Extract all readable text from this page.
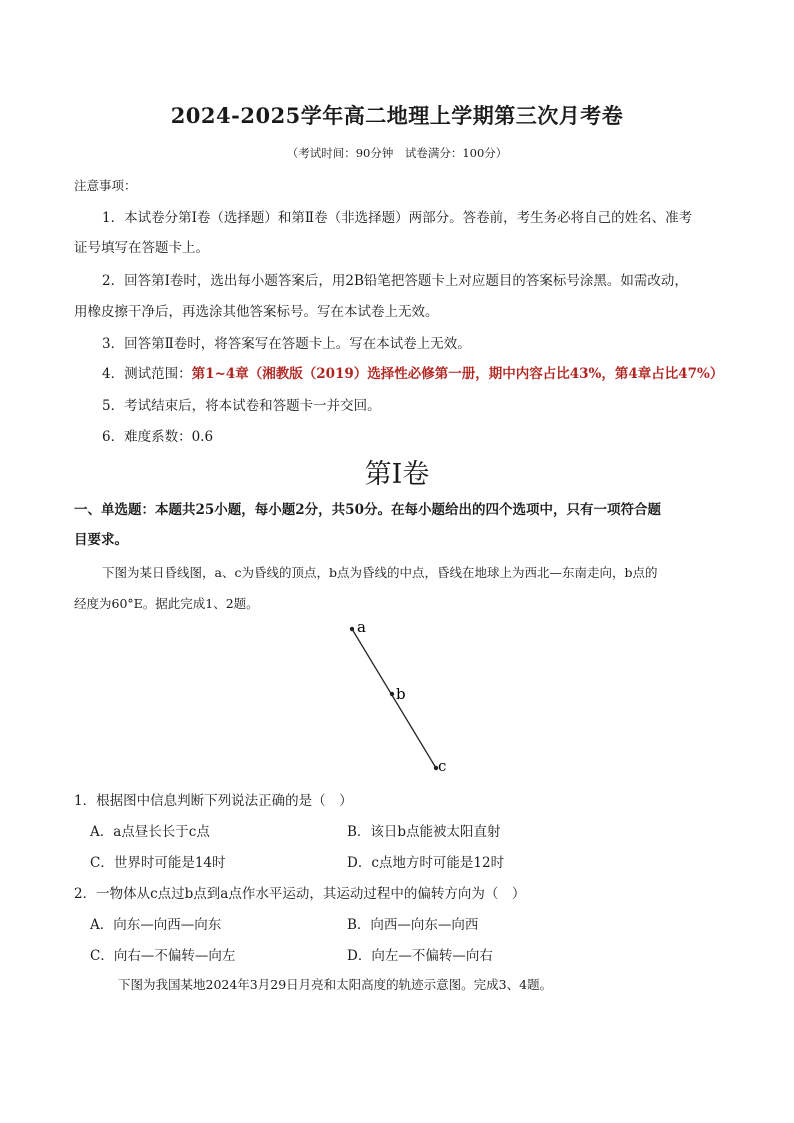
2024-2025学年高二地理上学期第三次月考卷
（考试时间：90分钟　试卷满分：100分）
注意事项：
1．本试卷分第Ⅰ卷（选择题）和第Ⅱ卷（非选择题）两部分。答卷前，考生务必将自己的姓名、准考
证号填写在答题卡上。
2．回答第Ⅰ卷时，选出每小题答案后，用2B铅笔把答题卡上对应题目的答案标号涂黑。如需改动，
用橡皮擦干净后，再选涂其他答案标号。写在本试卷上无效。
3．回答第Ⅱ卷时，将答案写在答题卡上。写在本试卷上无效。
4．测试范围：第1~4章（湘教版（2019）选择性必修第一册，期中内容占比43%，第4章占比47%）
5．考试结束后，将本试卷和答题卡一并交回。
6．难度系数：0.6
第Ⅰ卷
一、单选题：本题共25小题，每小题2分，共50分。在每小题给出的四个选项中，只有一项符合题
目要求。
下图为某日昏线图，a、c为昏线的顶点，b点为昏线的中点，昏线在地球上为西北—东南走向，b点的
经度为60°E。据此完成1、2题。
a
b
c
1．根据图中信息判断下列说法正确的是（　）
A．a点昼长长于c点	B．该日b点能被太阳直射
C．世界时可能是14时	D．c点地方时可能是12时
2．一物体从c点过b点到a点作水平运动，其运动过程中的偏转方向为（　）
A．向东—向西—向东	B．向西—向东—向西
C．向右—不偏转—向左	D．向左—不偏转—向右
下图为我国某地2024年3月29日月亮和太阳高度的轨迹示意图。完成3、4题。
